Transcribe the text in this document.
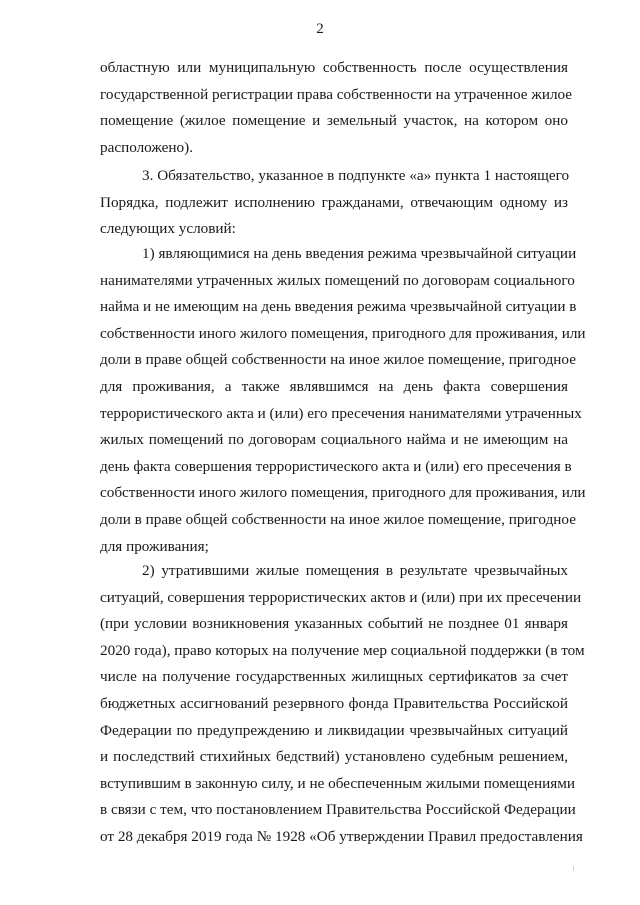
2
областную или муниципальную собственность после осуществления
государственной регистрации права собственности на утраченное жилое
помещение (жилое помещение и земельный участок, на котором оно
расположено).
3. Обязательство, указанное в подпункте «а» пункта 1 настоящего
Порядка, подлежит исполнению гражданами, отвечающим одному из
следующих условий:
1) являющимися на день введения режима чрезвычайной ситуации
нанимателями утраченных жилых помещений по договорам социального
найма и не имеющим на день введения режима чрезвычайной ситуации в
собственности иного жилого помещения, пригодного для проживания, или
доли в праве общей собственности на иное жилое помещение, пригодное
для проживания, а также являвшимся на день факта совершения
террористического акта и (или) его пресечения нанимателями утраченных
жилых помещений по договорам социального найма и не имеющим на
день факта совершения террористического акта и (или) его пресечения в
собственности иного жилого помещения, пригодного для проживания, или
доли в праве общей собственности на иное жилое помещение, пригодное
для проживания;
2) утратившими жилые помещения в результате чрезвычайных
ситуаций, совершения террористических актов и (или) при их пресечении
(при условии возникновения указанных событий не позднее 01 января
2020 года), право которых на получение мер социальной поддержки (в том
числе на получение государственных жилищных сертификатов за счет
бюджетных ассигнований резервного фонда Правительства Российской
Федерации по предупреждению и ликвидации чрезвычайных ситуаций
и последствий стихийных бедствий) установлено судебным решением,
вступившим в законную силу, и не обеспеченным жилыми помещениями
в связи с тем, что постановлением Правительства Российской Федерации
от 28 декабря 2019 года № 1928 «Об утверждении Правил предоставления
